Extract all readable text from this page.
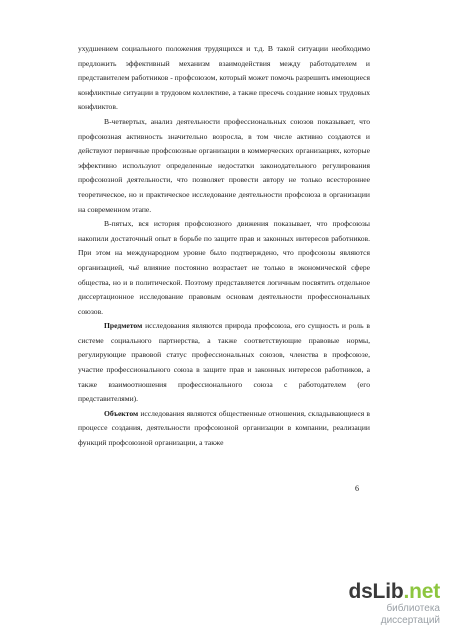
ухудшением социального положения трудящихся и т.д. В такой ситуации необходимо предложить эффективный механизм взаимодействия между работодателем и представителем работников - профсоюзом, который может помочь разрешить имеющиеся конфликтные ситуации в трудовом коллективе, а также пресечь создание новых трудовых конфликтов.

В-четвертых, анализ деятельности профессиональных союзов показывает, что профсоюзная активность значительно возросла, в том числе активно создаются и действуют первичные профсоюзные организации в коммерческих организациях, которые эффективно используют определенные недостатки законодательного регулирования профсоюзной деятельности, что позволяет провести автору не только всестороннее теоретическое, но и практическое исследование деятельности профсоюза в организации на современном этапе.

В-пятых, вся история профсоюзного движения показывает, что профсоюзы накопили достаточный опыт в борьбе по защите прав и законных интересов работников. При этом на международном уровне было подтверждено, что профсоюзы являются организацией, чьё влияние постоянно возрастает не только в экономической сфере общества, но и в политической. Поэтому представляется логичным посвятить отдельное диссертационное исследование правовым основам деятельности профессиональных союзов.

Предметом исследования являются природа профсоюза, его сущность и роль в системе социального партнерства, а также соответствующие правовые нормы, регулирующие правовой статус профессиональных союзов, членства в профсоюзе, участие профессионального союза в защите прав и законных интересов работников, а также взаимоотношения профессионального союза с работодателем (его представителями).

Объектом исследования являются общественные отношения, складывающиеся в процессе создания, деятельности профсоюзной организации в компании, реализации функций профсоюзной организации, а также

6
dsLib.net
библиотека диссертаций
